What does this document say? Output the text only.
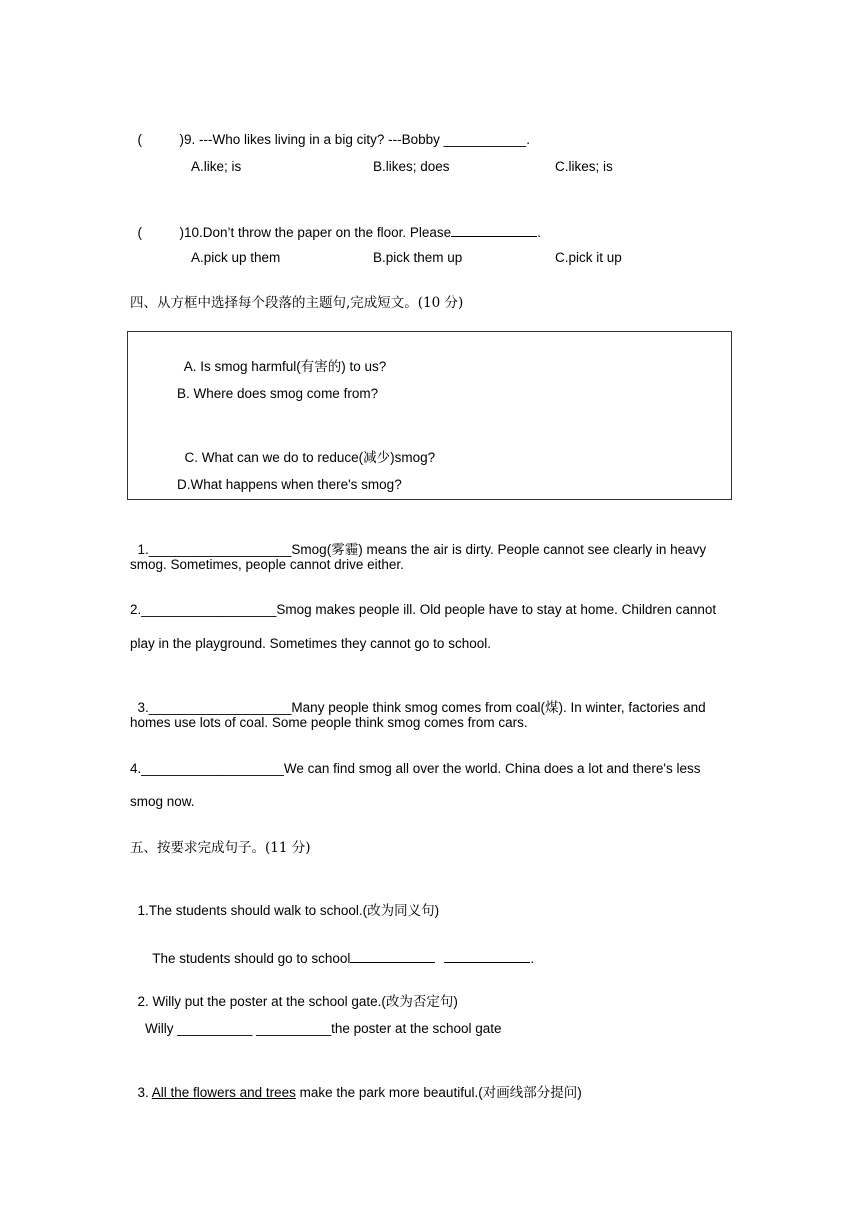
(          )9. ---Who likes living in a big city? ---Bobby ___________.

A.like; is	B.likes; does	C.likes; is

(          )10.Don’t throw the paper on the floor. Please	.

A.pick up them	B.pick them up	C.pick it up
四、从方框中选择每个段落的主题句,完成短文。(10 分)

A. Is smog harmful(有害的) to us?

B. Where does smog come from?

C. What can we do to reduce(减少)smog?

D.What happens when there's smog?

1.___________________Smog(雾霾) means the air is dirty. People cannot see clearly in heavy

smog. Sometimes, people cannot drive either.
2.__________________Smog makes people ill. Old people have to stay at home. Children cannot
play in the playground. Sometimes they cannot go to school.

3.___________________Many people think smog comes from coal(煤). In winter, factories and

homes use lots of coal. Some people think smog comes from cars.
4.___________________We can find smog all over the world. China does a lot and there's less
smog now.
五、按要求完成句子。(11 分)

1.The students should walk to school.(改为同义句)

The students should go to school	.

2. Willy put the poster at the school gate.(改为否定句)

Willy __________ __________the poster at the school gate

3. All the flowers and trees make the park more beautiful.(对画线部分提问)
